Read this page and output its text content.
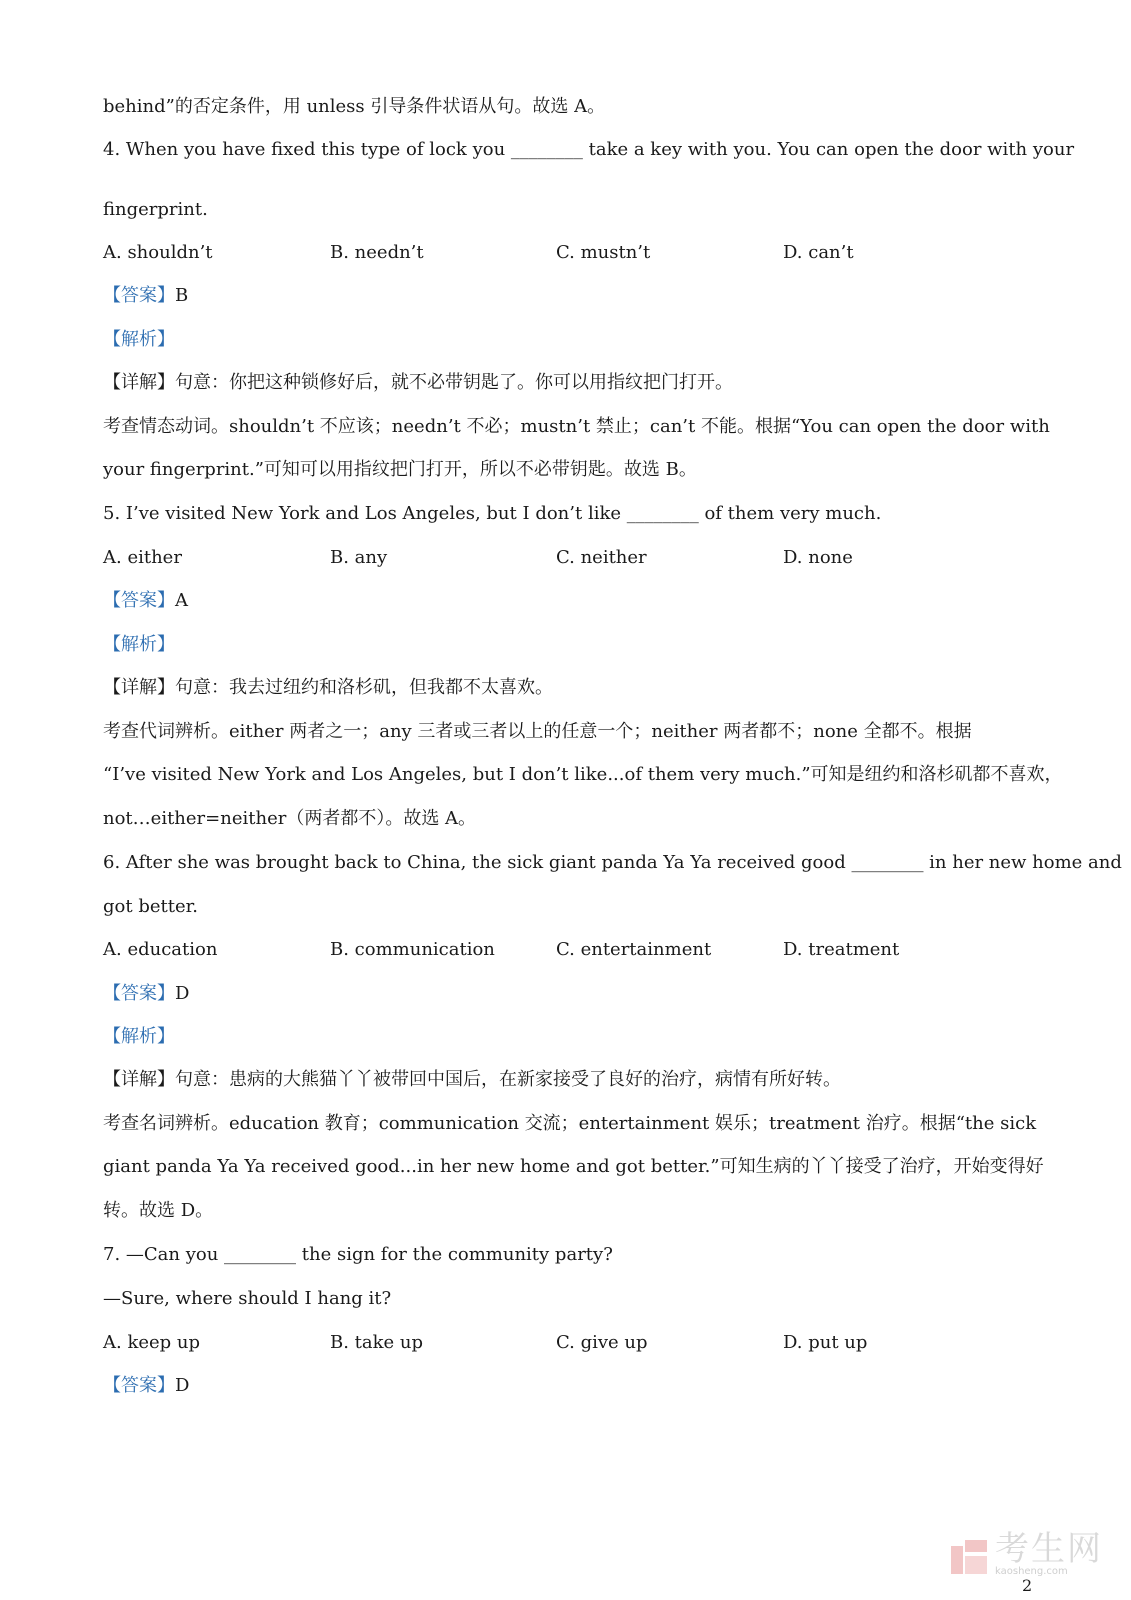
behind”的否定条件，用 unless 引导条件状语从句。故选 A。
4. When you have fixed this type of lock you ________ take a key with you. You can open the door with your
fingerprint.
A. shouldn’t	B. needn’t	C. mustn’t	D. can’t
【答案】B
【解析】
【详解】句意：你把这种锁修好后，就不必带钥匙了。你可以用指纹把门打开。
考查情态动词。shouldn’t 不应该；needn’t 不必；mustn’t 禁止；can’t 不能。根据“You can open the door with
your fingerprint.”可知可以用指纹把门打开，所以不必带钥匙。故选 B。
5. I’ve visited New York and Los Angeles, but I don’t like ________ of them very much.
A. either	B. any	C. neither	D. none
【答案】A
【解析】
【详解】句意：我去过纽约和洛杉矶，但我都不太喜欢。
考查代词辨析。either 两者之一；any 三者或三者以上的任意一个；neither 两者都不；none 全都不。根据
“I’ve visited New York and Los Angeles, but I don’t like...of them very much.”可知是纽约和洛杉矶都不喜欢，
not…either=neither（两者都不）。故选 A。
6. After she was brought back to China, the sick giant panda Ya Ya received good ________ in her new home and
got better.
A. education	B. communication	C. entertainment	D. treatment
【答案】D
【解析】
【详解】句意：患病的大熊猫丫丫被带回中国后，在新家接受了良好的治疗，病情有所好转。
考查名词辨析。education 教育；communication 交流；entertainment 娱乐；treatment 治疗。根据“the sick
giant panda Ya Ya received good...in her new home and got better.”可知生病的丫丫接受了治疗，开始变得好
转。故选 D。
7. —Can you ________ the sign for the community party?
—Sure, where should I hang it?
A. keep up	B. take up	C. give up	D. put up
【答案】D
考生网
kaosheng.com
2
